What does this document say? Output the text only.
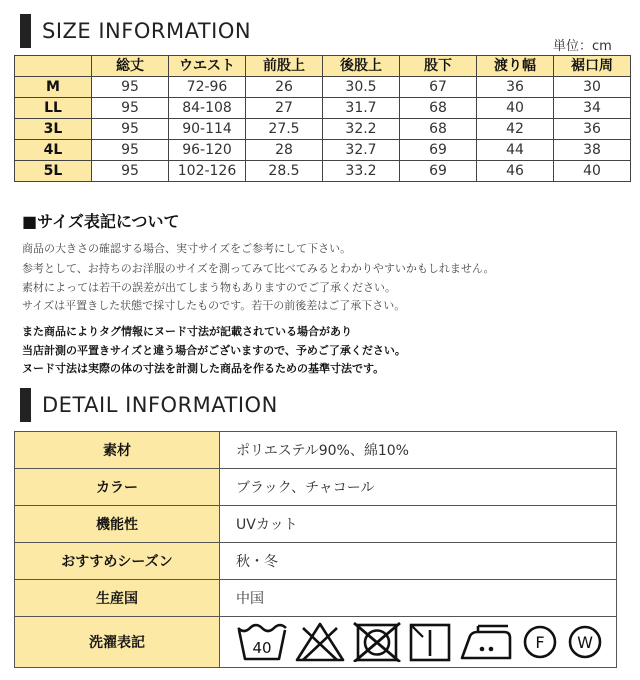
SIZE INFORMATION
単位：cm
	総丈	ウエスト	前股上	後股上	股下	渡り幅	裾口周
M	95	72-96	26	30.5	67	36	30
LL	95	84-108	27	31.7	68	40	34
3L	95	90-114	27.5	32.2	68	42	36
4L	95	96-120	28	32.7	69	44	38
5L	95	102-126	28.5	33.2	69	46	40
■サイズ表記について
商品の大きさの確認する場合、実寸サイズをご参考にして下さい。
参考として、お持ちのお洋服のサイズを測ってみて比べてみるとわかりやすいかもしれません。
素材によっては若干の誤差が出てしまう物もありますのでご了承ください。
サイズは平置きした状態で採寸したものです。若干の前後差はご了承下さい。
また商品によりタグ情報にヌード寸法が記載されている場合があり
当店計測の平置きサイズと違う場合がございますので、予めご了承ください。
ヌード寸法は実際の体の寸法を計測した商品を作るための基準寸法です。
DETAIL INFORMATION
素材	ポリエステル90%、綿10%
カラー	ブラック、チャコール
機能性	UVカット
おすすめシーズン	秋・冬
生産国	中国
洗濯表記	40 F W
